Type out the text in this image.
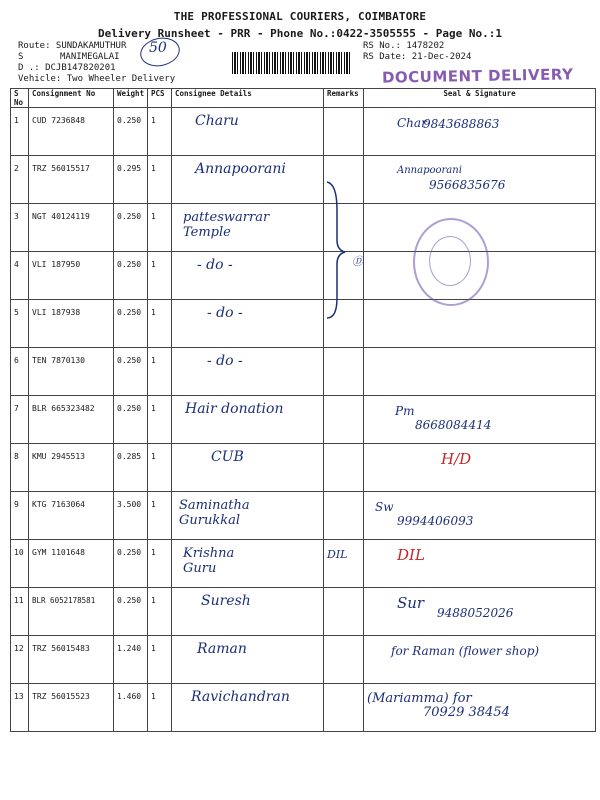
THE PROFESSIONAL COURIERS, COIMBATORE
Delivery Runsheet - PRR - Phone No.:0422-3505555 - Page No.:1
Route: SUNDAKAMUTHUR
S	MANIMEGALAI
D .: DCJB147820201
Vehicle: Two Wheeler Delivery
50	RS No.: 1478202
RS Date: 21-Dec-2024
DOCUMENT DELIVERY
S No	Consignment No	Weight	PCS	Consignee Details	Remarks	Seal & Signature
1	CUD 7236848	0.250	1	Charu		Char
9843688863

2	TRZ 56015517	0.295	1	Annapoorani		Annapoorani
9566835676

3	NGT 40124119	0.250	1	patteswarrar Temple		

4	VLI 187950	0.250	1	- do -		

5	VLI 187938	0.250	1	- do -		

6	TEN 7870130	0.250	1	- do -		

7	BLR 665323482	0.250	1	Hair donation		Pm
8668084414

8	KMU 2945513	0.285	1	CUB		H/D

9	KTG 7163064	3.500	1	Saminatha Gurukkal		Sw
9994406093

10	GYM 1101648	0.250	1	Krishna Guru	DIL	DIL

11	BLR 6052178581	0.250	1	Suresh		Sur
9488052026

12	TRZ 56015483	1.240	1	Raman		for Raman (flower shop)

13	TRZ 56015523	1.460	1	Ravichandran		(Mariamma) for
70929 38454
Ⓓ
